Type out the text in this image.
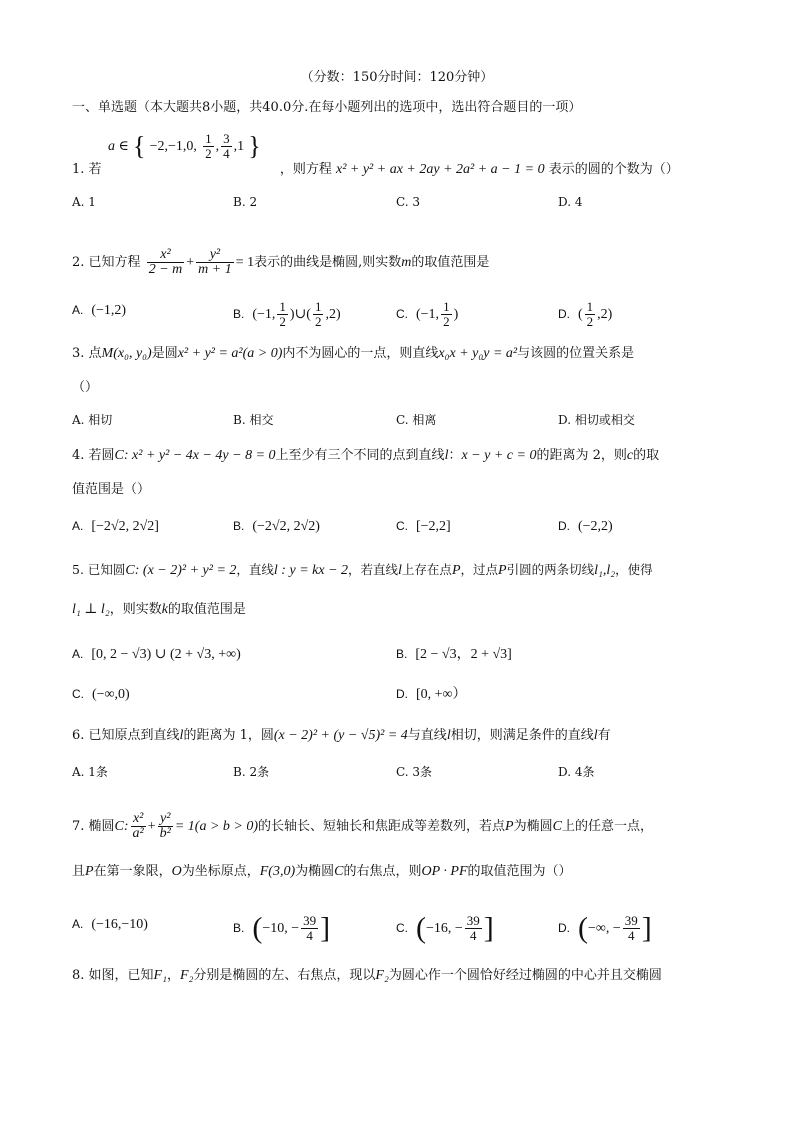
（分数：150分时间：120分钟）
一、单选题（本大题共8小题，共40.0分.在每小题列出的选项中，选出符合题目的一项）
a ∈ { −2,−1,0, $\frac{1}{2}$ , $\frac{3}{4} ,1$ }
1. 若	，则方程 x² + y² + ax + 2ay + 2a² + a − 1 = 0 表示的圆的个数为（）
A. 1	B. 2	C. 3	D. 4
2. 已知方程 $\frac{\text{x²}}{2 - m} + \frac{\text{y²}}{m + 1} = 1$表示的曲线是椭圆,则实数m的取值范围是
A. (−1,2)	B. (−1, $\frac{1}{2}$ )∪( $\frac{1}{2} ,2$)	C. (−1, $\frac{1}{2}$ )	D. ( $\frac{1}{2} ,2$)
3. 点M(x₀, y₀)是圆x² + y² = a²(a > 0)内不为圆心的一点，则直线x₀x + y₀y = a²与该圆的位置关系是
（）
A. 相切	B. 相交	C. 相离	D. 相切或相交
4. 若圆C: x² + y² − 4x − 4y − 8 = 0上至少有三个不同的点到直线l：x − y + c = 0的距离为 2，则c的取
值范围是（）
A. [−2√2, 2√2]	B. (−2√2, 2√2)	C. [−2,2]	D. (−2,2)
5. 已知圆C: (x − 2)² + y² = 2，直线l : y = kx − 2，若直线l上存在点P，过点P引圆的两条切线l₁,l₂，使得
l₁ ⊥ l₂，则实数k的取值范围是
A. [0, 2 − √3) ∪ (2 + √3, +∞)	B. [2 − √3，2 + √3]
C. (−∞,0)	D. [0, +∞）
6. 已知原点到直线l的距离为 1，圆(x − 2)² + (y − √5)² = 4与直线l相切，则满足条件的直线l有
A. 1条	B. 2条	C. 3条	D. 4条
7. 椭圆C: $\frac{\text{x²}}{\text{a²}} + \frac{\text{y²}}{\text{b²}} = 1(a > b > 0)$的长轴长、短轴长和焦距成等差数列，若点P为椭圆C上的任意一点，
且P在第一象限，O为坐标原点，F(3,0)为椭圆C的右焦点，则OP · PF的取值范围为（）
A. (−16,−10)	B. (−10, − $\frac{39}{4}$ ]	C. (−16, − $\frac{39}{4}$ ]	D. (−∞, − $\frac{39}{4}$ ]
8. 如图，已知F₁，F₂分别是椭圆的左、右焦点，现以F₂为圆心作一个圆恰好经过椭圆的中心并且交椭圆
